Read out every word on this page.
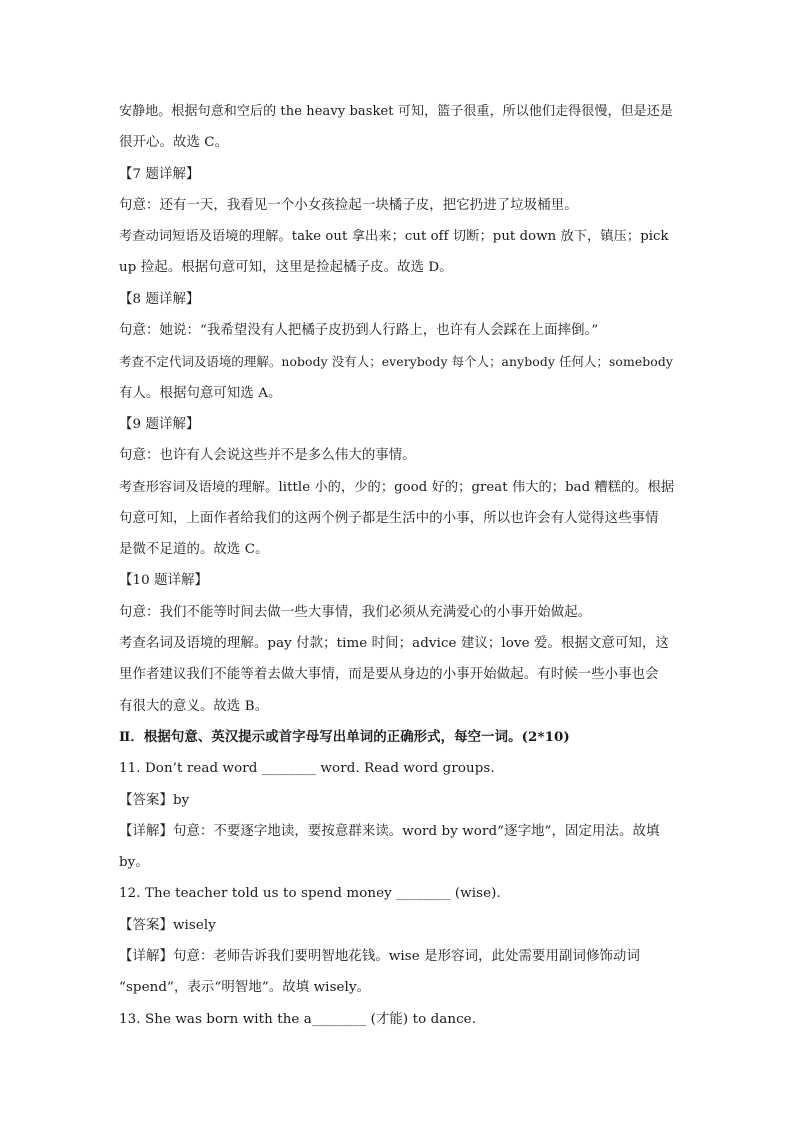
安静地。根据句意和空后的 the heavy basket 可知，篮子很重，所以他们走得很慢，但是还是
很开心。故选 C。
【7 题详解】
句意：还有一天，我看见一个小女孩捡起一块橘子皮，把它扔进了垃圾桶里。
考查动词短语及语境的理解。take out 拿出来；cut off 切断；put down 放下，镇压；pick
up 捡起。根据句意可知，这里是捡起橘子皮。故选 D。
【8 题详解】
句意：她说：“我希望没有人把橘子皮扔到人行路上，也许有人会踩在上面摔倒。”
考查不定代词及语境的理解。nobody 没有人；everybody 每个人；anybody 任何人；somebody
有人。根据句意可知选 A。
【9 题详解】
句意：也许有人会说这些并不是多么伟大的事情。
考查形容词及语境的理解。little 小的，少的；good 好的；great 伟大的；bad 糟糕的。根据
句意可知，上面作者给我们的这两个例子都是生活中的小事，所以也许会有人觉得这些事情
是微不足道的。故选 C。
【10 题详解】
句意：我们不能等时间去做一些大事情，我们必须从充满爱心的小事开始做起。
考查名词及语境的理解。pay 付款；time 时间；advice 建议；love 爱。根据文意可知，这
里作者建议我们不能等着去做大事情，而是要从身边的小事开始做起。有时候一些小事也会
有很大的意义。故选 B。
Ⅱ．根据句意、英汉提示或首字母写出单词的正确形式，每空一词。(2*10)
11. Don’t read word ________ word. Read word groups.
【答案】by
【详解】句意：不要逐字地读，要按意群来读。word by word“逐字地”，固定用法。故填
by。
12. The teacher told us to spend money ________ (wise).
【答案】wisely
【详解】句意：老师告诉我们要明智地花钱。wise 是形容词，此处需要用副词修饰动词
“spend”，表示“明智地”。故填 wisely。
13. She was born with the a________ (才能) to dance.
